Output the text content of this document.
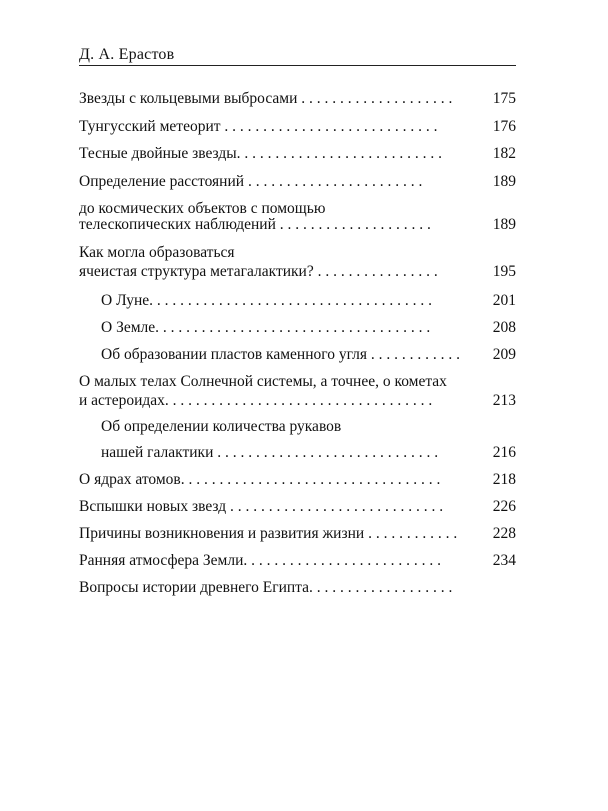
Д. А. Ерастов
Звезды с кольцевыми выбросами . . . . . . . . . . . . . . . . . . . .	175
Тунгусский метеорит . . . . . . . . . . . . . . . . . . . . . . . . . . . .	176
Тесные двойные звезды. . . . . . . . . . . . . . . . . . . . . . . . . . .	182
Определение расстояний . . . . . . . . . . . . . . . . . . . . . . .	189
до космических объектов с помощью
телескопических наблюдений . . . . . . . . . . . . . . . . . . . .	189
Как могла образоваться
ячеистая структура метагалактики? . . . . . . . . . . . . . . . .	195
О Луне. . . . . . . . . . . . . . . . . . . . . . . . . . . . . . . . . . . . .	201
О Земле. . . . . . . . . . . . . . . . . . . . . . . . . . . . . . . . . . . .	208
Об образовании пластов каменного угля . . . . . . . . . . . .	209
О малых телах Солнечной системы, а точнее, о кометах
и астероидах. . . . . . . . . . . . . . . . . . . . . . . . . . . . . . . . . . .	213
Об определении количества рукавов
нашей галактики . . . . . . . . . . . . . . . . . . . . . . . . . . . . .	216
О ядрах атомов. . . . . . . . . . . . . . . . . . . . . . . . . . . . . . . . . .	218
Вспышки новых звезд . . . . . . . . . . . . . . . . . . . . . . . . . . . .	226
Причины возникновения и развития жизни . . . . . . . . . . . .	228
Ранняя атмосфера Земли. . . . . . . . . . . . . . . . . . . . . . . . . .	234
Вопросы истории древнего Египта. . . . . . . . . . . . . . . . . . .
